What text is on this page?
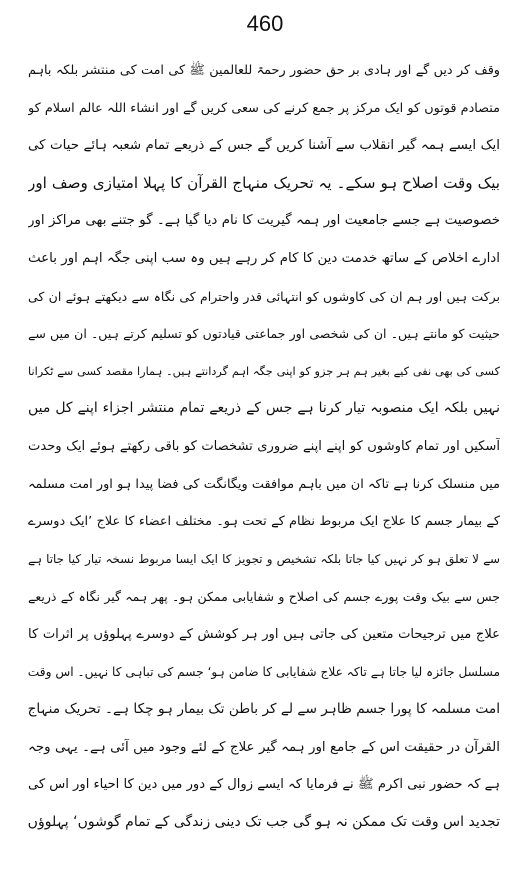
460
وقف کر دیں گے اور ہادی بر حق حضور رحمۃ للعالمین ﷺ کی امت کی منتشر بلکہ باہم
متصادم قوتوں کو ایک مرکز پر جمع کرنے کی سعی کریں گے اور انشاء اللہ عالم اسلام کو
ایک ایسے ہمہ گیر انقلاب سے آشنا کریں گے جس کے ذریعے تمام شعبہ ہائے حیات کی
بیک وقت اصلاح ہو سکے۔ یہ تحریک منہاج القرآن کا پہلا امتیازی وصف اور
خصوصیت ہے جسے جامعیت اور ہمہ گیریت کا نام دیا گیا ہے۔ گو جتنے بھی مراکز اور
ادارے اخلاص کے ساتھ خدمت دین کا کام کر رہے ہیں وہ سب اپنی جگہ اہم اور باعث
برکت ہیں اور ہم ان کی کاوشوں کو انتہائی قدر واحترام کی نگاہ سے دیکھتے ہوئے ان کی
حیثیت کو مانتے ہیں۔ ان کی شخصی اور جماعتی قیادتوں کو تسلیم کرتے ہیں۔ ان میں سے
کسی کی بھی نفی کیے بغیر ہم ہر جزو کو اپنی جگہ اہم گردانتے ہیں۔ ہمارا مقصد کسی سے ٹکرانا
نہیں بلکہ ایک منصوبہ تیار کرنا ہے جس کے ذریعے تمام منتشر اجزاء اپنے کل میں
آسکیں اور تمام کاوشوں کو اپنے اپنے ضروری تشخصات کو باقی رکھتے ہوئے ایک وحدت
میں منسلک کرنا ہے تاکہ ان میں باہم موافقت ویگانگت کی فضا پیدا ہو اور امت مسلمہ
کے بیمار جسم کا علاج ایک مربوط نظام کے تحت ہو۔ مختلف اعضاء کا علاج ’ایک دوسرے
سے لا تعلق ہو کر نہیں کیا جاتا بلکہ تشخیص و تجویز کا ایک ایسا مربوط نسخہ تیار کیا جاتا ہے
جس سے بیک وقت پورے جسم کی اصلاح و شفایابی ممکن ہو۔ پھر ہمہ گیر نگاہ کے ذریعے
علاج میں ترجیحات متعین کی جاتی ہیں اور ہر کوشش کے دوسرے پہلوؤں پر اثرات کا
مسلسل جائزہ لیا جاتا ہے تاکہ علاج شفایابی کا ضامن ہو‘ جسم کی تباہی کا نہیں۔ اس وقت
امت مسلمہ کا پورا جسم ظاہر سے لے کر باطن تک بیمار ہو چکا ہے۔ تحریک منہاج
القرآن در حقیقت اس کے جامع اور ہمہ گیر علاج کے لئے وجود میں آئی ہے۔ یہی وجہ
ہے کہ حضور نبی اکرم ﷺ نے فرمایا کہ ایسے زوال کے دور میں دین کا احیاء اور اس کی
تجدید اس وقت تک ممکن نہ ہو گی جب تک دینی زندگی کے تمام گوشوں‘ پہلوؤں
